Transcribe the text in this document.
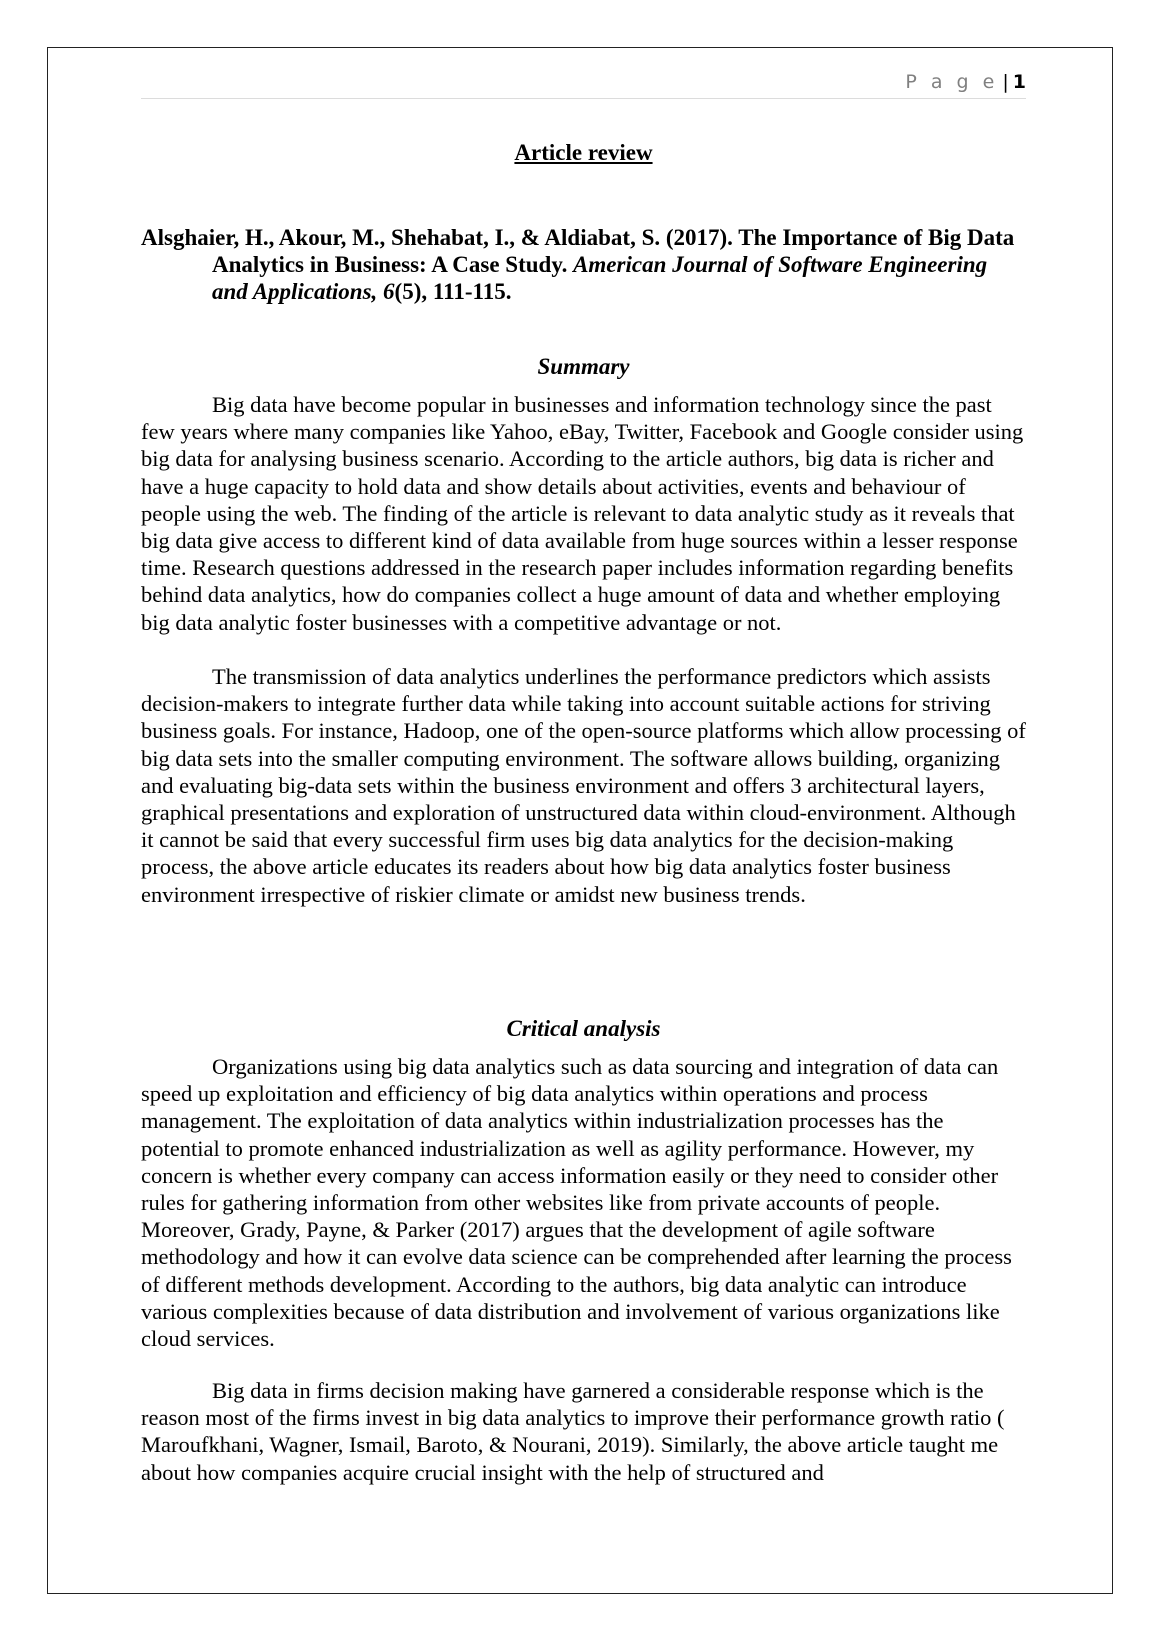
P a g e | 1
Article review

Alsghaier, H., Akour, M., Shehabat, I., & Aldiabat, S. (2017). The Importance of Big Data Analytics in Business: A Case Study. American Journal of Software Engineering and Applications, 6(5), 111-115.

Summary

Big data have become popular in businesses and information technology since the past few years where many companies like Yahoo, eBay, Twitter, Facebook and Google consider using big data for analysing business scenario. According to the article authors, big data is richer and have a huge capacity to hold data and show details about activities, events and behaviour of people using the web. The finding of the article is relevant to data analytic study as it reveals that big data give access to different kind of data available from huge sources within a lesser response time. Research questions addressed in the research paper includes information regarding benefits behind data analytics, how do companies collect a huge amount of data and whether employing big data analytic foster businesses with a competitive advantage or not.

The transmission of data analytics underlines the performance predictors which assists decision-makers to integrate further data while taking into account suitable actions for striving business goals. For instance, Hadoop, one of the open-source platforms which allow processing of big data sets into the smaller computing environment. The software allows building, organizing and evaluating big-data sets within the business environment and offers 3 architectural layers, graphical presentations and exploration of unstructured data within cloud-environment. Although it cannot be said that every successful firm uses big data analytics for the decision-making process, the above article educates its readers about how big data analytics foster business environment irrespective of riskier climate or amidst new business trends.

Critical analysis

Organizations using big data analytics such as data sourcing and integration of data can speed up exploitation and efficiency of big data analytics within operations and process management. The exploitation of data analytics within industrialization processes has the potential to promote enhanced industrialization as well as agility performance. However, my concern is whether every company can access information easily or they need to consider other rules for gathering information from other websites like from private accounts of people. Moreover, Grady, Payne, & Parker (2017) argues that the development of agile software methodology and how it can evolve data science can be comprehended after learning the process of different methods development. According to the authors, big data analytic can introduce various complexities because of data distribution and involvement of various organizations like cloud services.

Big data in firms decision making have garnered a considerable response which is the reason most of the firms invest in big data analytics to improve their performance growth ratio ( Maroufkhani, Wagner, Ismail, Baroto, & Nourani, 2019). Similarly, the above article taught me about how companies acquire crucial insight with the help of structured and
